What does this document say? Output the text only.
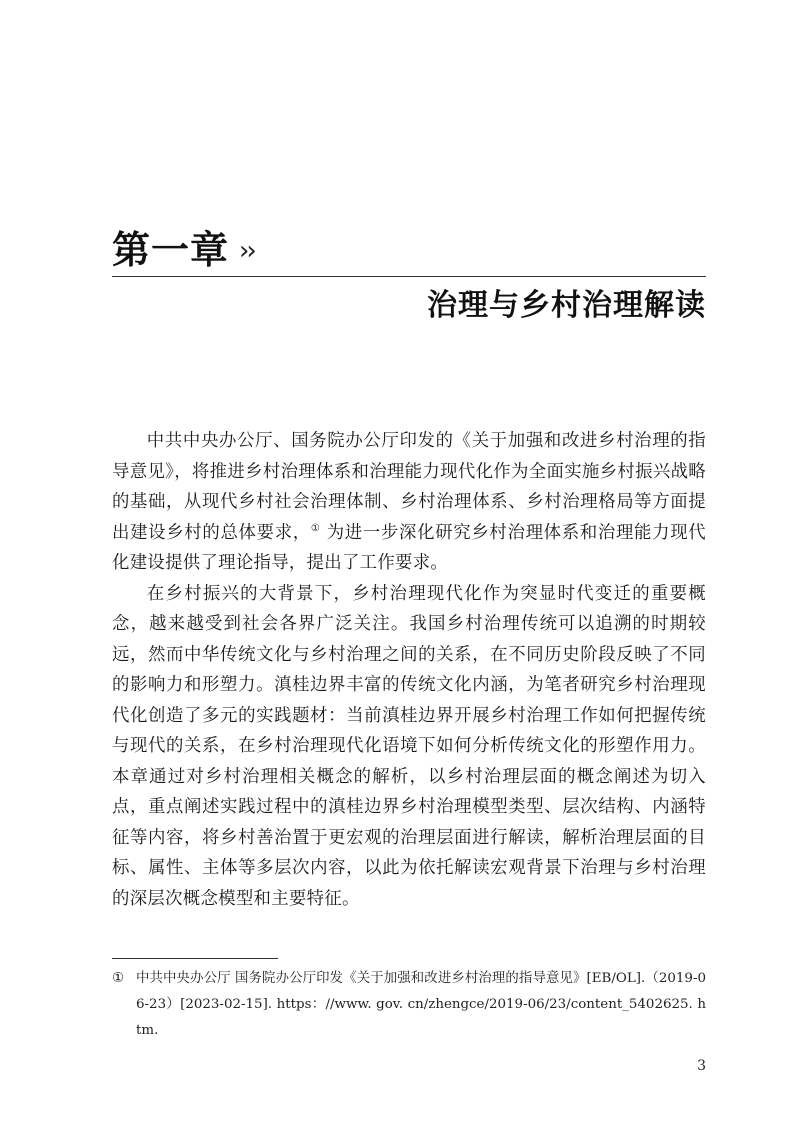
第一章 ››
治理与乡村治理解读

中共中央办公厅、国务院办公厅印发的《关于加强和改进乡村治理的指导意见》，将推进乡村治理体系和治理能力现代化作为全面实施乡村振兴战略的基础，从现代乡村社会治理体制、乡村治理体系、乡村治理格局等方面提出建设乡村的总体要求，① 为进一步深化研究乡村治理体系和治理能力现代化建设提供了理论指导，提出了工作要求。

在乡村振兴的大背景下，乡村治理现代化作为突显时代变迁的重要概念，越来越受到社会各界广泛关注。我国乡村治理传统可以追溯的时期较远，然而中华传统文化与乡村治理之间的关系，在不同历史阶段反映了不同的影响力和形塑力。滇桂边界丰富的传统文化内涵，为笔者研究乡村治理现代化创造了多元的实践题材：当前滇桂边界开展乡村治理工作如何把握传统与现代的关系，在乡村治理现代化语境下如何分析传统文化的形塑作用力。本章通过对乡村治理相关概念的解析，以乡村治理层面的概念阐述为切入点，重点阐述实践过程中的滇桂边界乡村治理模型类型、层次结构、内涵特征等内容，将乡村善治置于更宏观的治理层面进行解读，解析治理层面的目标、属性、主体等多层次内容，以此为依托解读宏观背景下治理与乡村治理的深层次概念模型和主要特征。

① 中共中央办公厅 国务院办公厅印发《关于加强和改进乡村治理的指导意见》[EB/OL].（2019-06-23）[2023-02-15]. https：//www. gov. cn/zhengce/2019-06/23/content_5402625. htm.
3
